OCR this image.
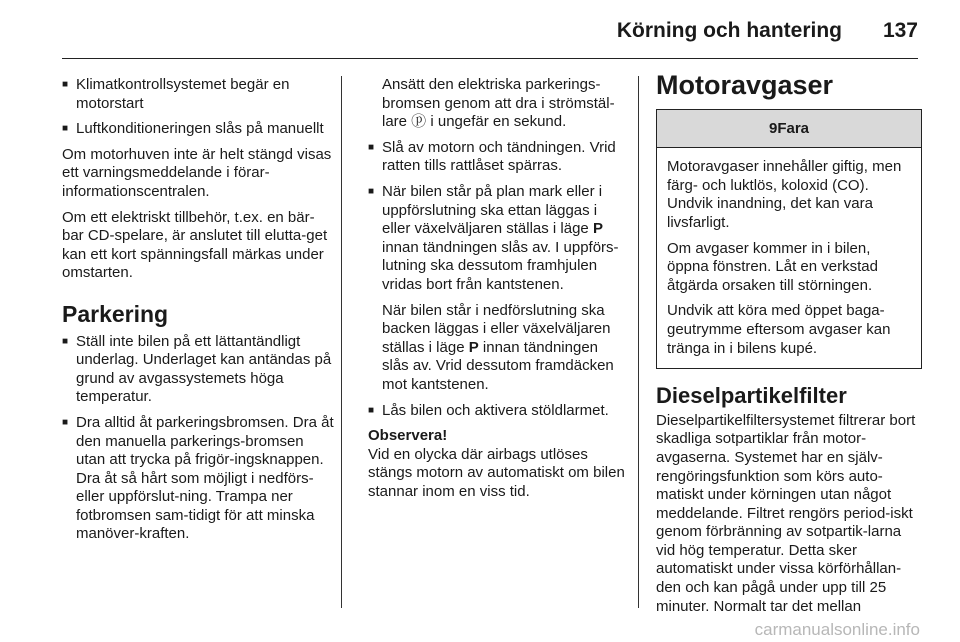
Körning och hantering 137
■ Klimatkontrollsystemet begär en motorstart
■ Luftkonditioneringen slås på manuellt

Om motorhuven inte är helt stängd visas ett varningsmeddelande i förar-informationscentralen.

Om ett elektriskt tillbehör, t.ex. en bär-bar CD-spelare, är anslutet till elutta-get kan ett kort spänningsfall märkas under omstarten.

Parkering
■ Ställ inte bilen på ett lättantändligt underlag. Underlaget kan antändas på grund av avgassystemets höga temperatur.
■ Dra alltid åt parkeringsbromsen. Dra åt den manuella parkerings-bromsen utan att trycka på frigör-ingsknappen. Dra åt så hårt som möjligt i nedförs- eller uppförslut-ning. Trampa ner fotbromsen sam-tidigt för att minska manöver-kraften.

Ansätt den elektriska parkerings-bromsen genom att dra i strömstäl-lare ⓟ i ungefär en sekund.

■ Slå av motorn och tändningen. Vrid ratten tills rattlåset spärras.
■ När bilen står på plan mark eller i uppförslutning ska ettan läggas i eller växelväljaren ställas i läge P innan tändningen slås av. I uppförs-lutning ska dessutom framhjulen vridas bort från kantstenen.

När bilen står i nedförslutning ska backen läggas i eller växelväljaren ställas i läge P innan tändningen slås av. Vrid dessutom framdäcken mot kantstenen.

■ Lås bilen och aktivera stöldlarmet.

Observera!

Vid en olycka där airbags utlöses stängs motorn av automatiskt om bilen stannar inom en viss tid.

Motoravgaser
9Fara

Motoravgaser innehåller giftig, men färg- och luktlös, koloxid (CO). Undvik inandning, det kan vara livsfarligt.

Om avgaser kommer in i bilen, öppna fönstren. Låt en verkstad åtgärda orsaken till störningen.

Undvik att köra med öppet baga-geutrymme eftersom avgaser kan tränga in i bilens kupé.

Dieselpartikelfilter

Dieselpartikelfiltersystemet filtrerar bort skadliga sotpartiklar från motor-avgaserna. Systemet har en själv-rengöringsfunktion som körs auto-matiskt under körningen utan något meddelande. Filtret rengörs period-iskt genom förbränning av sotpartik-larna vid hög temperatur. Detta sker automatiskt under vissa körförhållan-den och kan pågå under upp till 25 minuter. Normalt tar det mellan

carmanualsonline.info
